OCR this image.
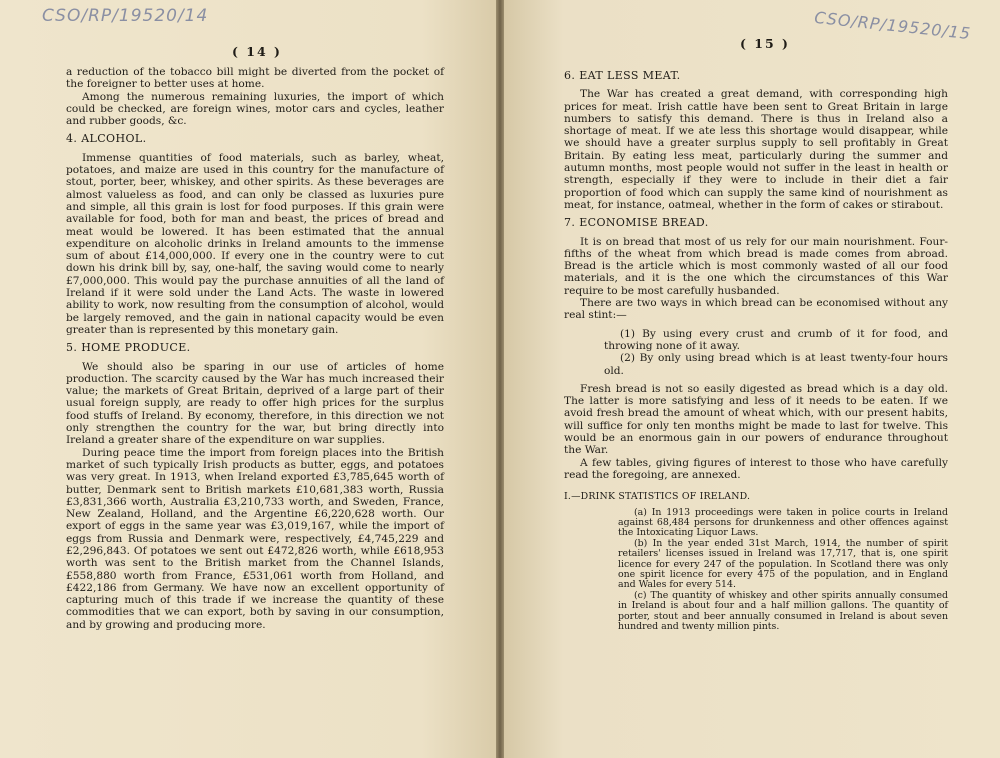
CSO/RP/19520/14
( 14 )

a reduction of the tobacco bill might be diverted from the pocket of the foreigner to better uses at home.

Among the numerous remaining luxuries, the import of which could be checked, are foreign wines, motor cars and cycles, leather and rubber goods, &c.

4. ALCOHOL.

Immense quantities of food materials, such as barley, wheat, potatoes, and maize are used in this country for the manufacture of stout, porter, beer, whiskey, and other spirits. As these beverages are almost valueless as food, and can only be classed as luxuries pure and simple, all this grain is lost for food purposes. If this grain were available for food, both for man and beast, the prices of bread and meat would be lowered. It has been estimated that the annual expenditure on alcoholic drinks in Ireland amounts to the immense sum of about £14,000,000. If every one in the country were to cut down his drink bill by, say, one-half, the saving would come to nearly £7,000,000. This would pay the purchase annuities of all the land of Ireland if it were sold under the Land Acts. The waste in lowered ability to work, now resulting from the consumption of alcohol, would be largely removed, and the gain in national capacity would be even greater than is represented by this monetary gain.

5. HOME PRODUCE.

We should also be sparing in our use of articles of home production. The scarcity caused by the War has much increased their value; the markets of Great Britain, deprived of a large part of their usual foreign supply, are ready to offer high prices for the surplus food stuffs of Ireland. By economy, therefore, in this direction we not only strengthen the country for the war, but bring directly into Ireland a greater share of the expenditure on war supplies.

During peace time the import from foreign places into the British market of such typically Irish products as butter, eggs, and potatoes was very great. In 1913, when Ireland exported £3,785,645 worth of butter, Denmark sent to British markets £10,681,383 worth, Russia £3,831,366 worth, Australia £3,210,733 worth, and Sweden, France, New Zealand, Holland, and the Argentine £6,220,628 worth. Our export of eggs in the same year was £3,019,167, while the import of eggs from Russia and Denmark were, respectively, £4,745,229 and £2,296,843. Of potatoes we sent out £472,826 worth, while £618,953 worth was sent to the British market from the Channel Islands, £558,880 worth from France, £531,061 worth from Holland, and £422,186 from Germany. We have now an excellent opportunity of capturing much of this trade if we increase the quantity of these commodities that we can export, both by saving in our consumption, and by growing and producing more.

CSO/RP/19520/15
( 15 )
6. EAT LESS MEAT.

The War has created a great demand, with corresponding high prices for meat. Irish cattle have been sent to Great Britain in large numbers to satisfy this demand. There is thus in Ireland also a shortage of meat. If we ate less this shortage would disappear, while we should have a greater surplus supply to sell profitably in Great Britain. By eating less meat, particularly during the summer and autumn months, most people would not suffer in the least in health or strength, especially if they were to include in their diet a fair proportion of food which can supply the same kind of nourishment as meat, for instance, oatmeal, whether in the form of cakes or stirabout.

7. ECONOMISE BREAD.

It is on bread that most of us rely for our main nourishment. Four-fifths of the wheat from which bread is made comes from abroad. Bread is the article which is most commonly wasted of all our food materials, and it is the one which the circumstances of this War require to be most carefully husbanded.

There are two ways in which bread can be economised without any real stint:—

(1) By using every crust and crumb of it for food, and throwing none of it away.

(2) By only using bread which is at least twenty-four hours old.

Fresh bread is not so easily digested as bread which is a day old. The latter is more satisfying and less of it needs to be eaten. If we avoid fresh bread the amount of wheat which, with our present habits, will suffice for only ten months might be made to last for twelve. This would be an enormous gain in our powers of endurance throughout the War.

A few tables, giving figures of interest to those who have carefully read the foregoing, are annexed.

I.—DRINK STATISTICS OF IRELAND.

(a) In 1913 proceedings were taken in police courts in Ireland against 68,484 persons for drunkenness and other offences against the Intoxicating Liquor Laws.

(b) In the year ended 31st March, 1914, the number of spirit retailers' licenses issued in Ireland was 17,717, that is, one spirit licence for every 247 of the population. In Scotland there was only one spirit licence for every 475 of the population, and in England and Wales for every 514.

(c) The quantity of whiskey and other spirits annually consumed in Ireland is about four and a half million gallons. The quantity of porter, stout and beer annually consumed in Ireland is about seven hundred and twenty million pints.
